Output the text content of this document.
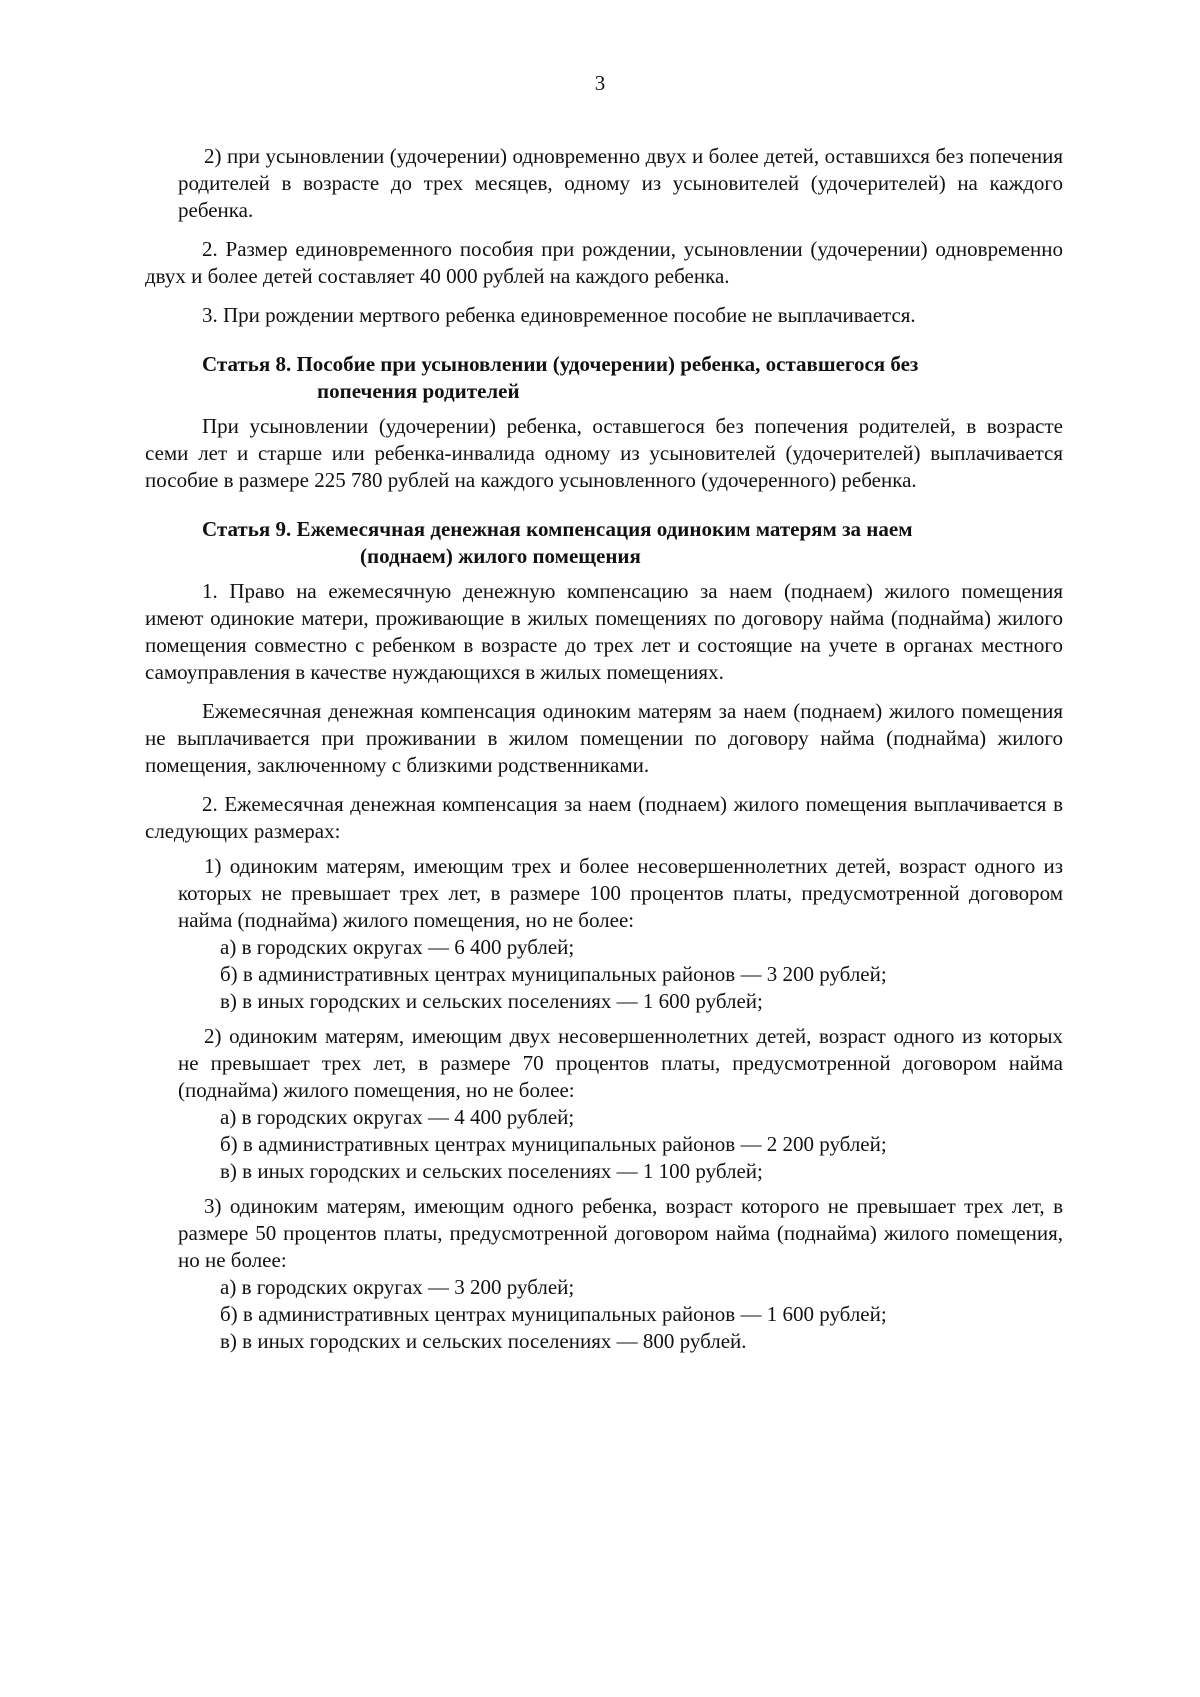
3

2) при усыновлении (удочерении) одновременно двух и более детей, оставшихся без попечения родителей в возрасте до трех месяцев, одному из усыновителей (удочерителей) на каждого ребенка.

2. Размер единовременного пособия при рождении, усыновлении (удочерении) одновременно двух и более детей составляет 40 000 рублей на каждого ребенка.

3. При рождении мертвого ребенка единовременное пособие не выплачивается.

Статья 8. Пособие при усыновлении (удочерении) ребенка, оставшегося без
попечения родителей

При усыновлении (удочерении) ребенка, оставшегося без попечения родителей, в возрасте семи лет и старше или ребенка-инвалида одному из усыновителей (удочерителей) выплачивается пособие в размере 225 780 рублей на каждого усыновленного (удочеренного) ребенка.

Статья 9. Ежемесячная денежная компенсация одиноким матерям за наем
(поднаем) жилого помещения

1. Право на ежемесячную денежную компенсацию за наем (поднаем) жилого помещения имеют одинокие матери, проживающие в жилых помещениях по договору найма (поднайма) жилого помещения совместно с ребенком в возрасте до трех лет и состоящие на учете в органах местного самоуправления в качестве нуждающихся в жилых помещениях.

Ежемесячная денежная компенсация одиноким матерям за наем (поднаем) жилого помещения не выплачивается при проживании в жилом помещении по договору найма (поднайма) жилого помещения, заключенному с близкими родственниками.

2. Ежемесячная денежная компенсация за наем (поднаем) жилого помещения выплачивается в следующих размерах:

1) одиноким матерям, имеющим трех и более несовершеннолетних детей, возраст одного из которых не превышает трех лет, в размере 100 процентов платы, предусмотренной договором найма (поднайма) жилого помещения, но не более:

а) в городских округах — 6 400 рублей;

б) в административных центрах муниципальных районов — 3 200 рублей;

в) в иных городских и сельских поселениях — 1 600 рублей;

2) одиноким матерям, имеющим двух несовершеннолетних детей, возраст одного из которых не превышает трех лет, в размере 70 процентов платы, предусмотренной договором найма (поднайма) жилого помещения, но не более:

а) в городских округах — 4 400 рублей;

б) в административных центрах муниципальных районов — 2 200 рублей;

в) в иных городских и сельских поселениях — 1 100 рублей;

3) одиноким матерям, имеющим одного ребенка, возраст которого не превышает трех лет, в размере 50 процентов платы, предусмотренной договором найма (поднайма) жилого помещения, но не более:

а) в городских округах — 3 200 рублей;

б) в административных центрах муниципальных районов — 1 600 рублей;

в) в иных городских и сельских поселениях — 800 рублей.
